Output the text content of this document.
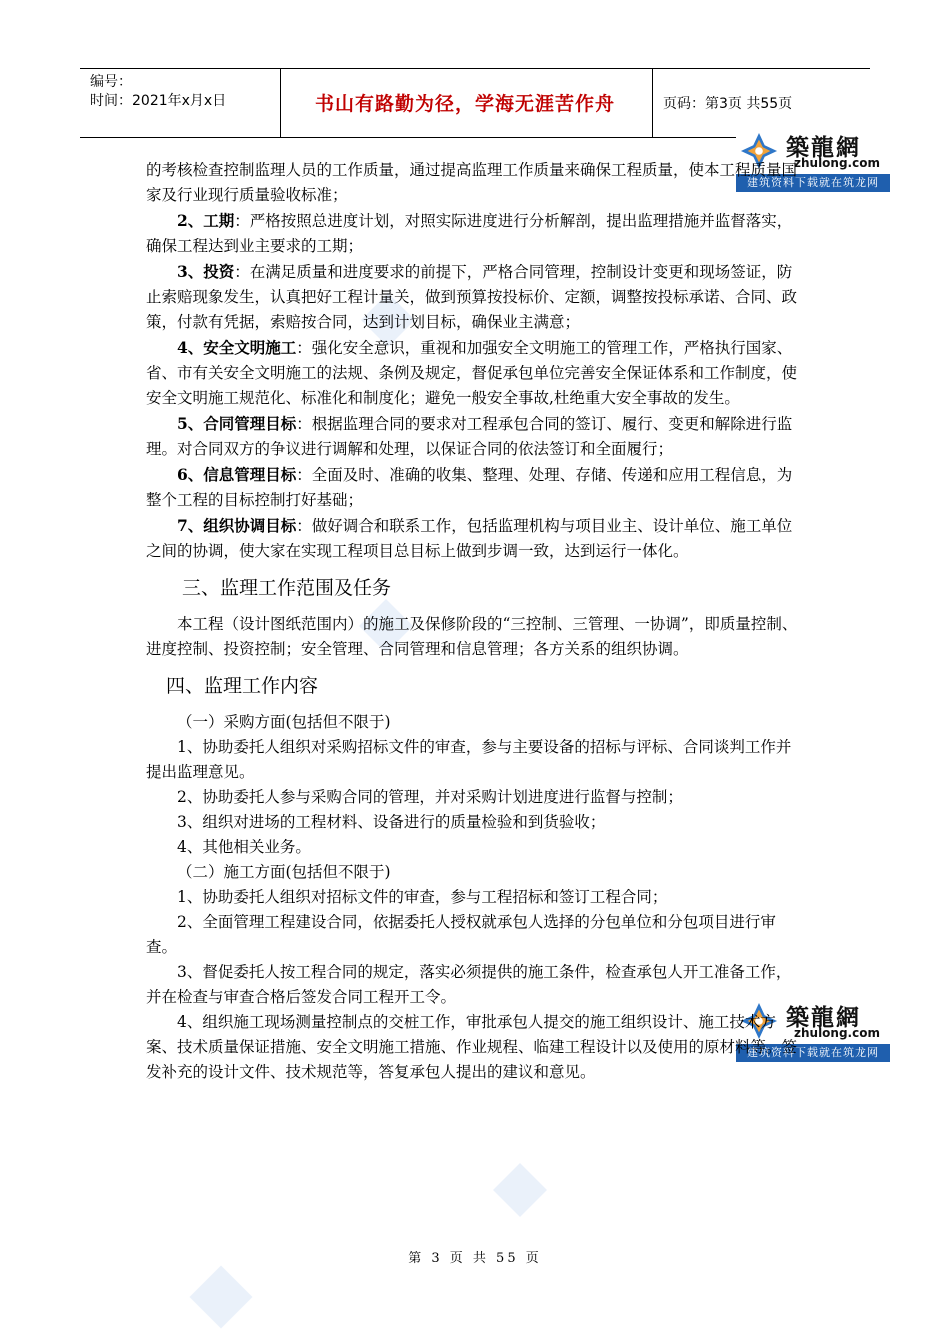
编号：
时间：2021年x月x日	书山有路勤为径，学海无涯苦作舟	页码：第3页 共55页
築龍網
zhulong.com
建筑资料下载就在筑龙网
築龍網
zhulong.com
建筑资料下载就在筑龙网

的考核检查控制监理人员的工作质量，通过提高监理工作质量来确保工程质量，使本工程质量国家及行业现行质量验收标准；

2、工期：严格按照总进度计划，对照实际进度进行分析解剖，提出监理措施并监督落实，确保工程达到业主要求的工期；

3、投资：在满足质量和进度要求的前提下，严格合同管理，控制设计变更和现场签证，防止索赔现象发生，认真把好工程计量关，做到预算按投标价、定额，调整按投标承诺、合同、政策，付款有凭据，索赔按合同，达到计划目标，确保业主满意；

4、安全文明施工：强化安全意识，重视和加强安全文明施工的管理工作，严格执行国家、省、市有关安全文明施工的法规、条例及规定，督促承包单位完善安全保证体系和工作制度，使安全文明施工规范化、标准化和制度化；避免一般安全事故,杜绝重大安全事故的发生。

5、合同管理目标：根据监理合同的要求对工程承包合同的签订、履行、变更和解除进行监理。对合同双方的争议进行调解和处理，以保证合同的依法签订和全面履行；

6、信息管理目标：全面及时、准确的收集、整理、处理、存储、传递和应用工程信息，为整个工程的目标控制打好基础；

7、组织协调目标：做好调合和联系工作，包括监理机构与项目业主、设计单位、施工单位之间的协调，使大家在实现工程项目总目标上做到步调一致，达到运行一体化。

三、监理工作范围及任务

本工程（设计图纸范围内）的施工及保修阶段的“三控制、三管理、一协调”，即质量控制、进度控制、投资控制；安全管理、合同管理和信息管理；各方关系的组织协调。

四、监理工作内容

（一）采购方面(包括但不限于)

1、协助委托人组织对采购招标文件的审查，参与主要设备的招标与评标、合同谈判工作并提出监理意见。

2、协助委托人参与采购合同的管理，并对采购计划进度进行监督与控制；

3、组织对进场的工程材料、设备进行的质量检验和到货验收；

4、其他相关业务。

（二）施工方面(包括但不限于)

1、协助委托人组织对招标文件的审查，参与工程招标和签订工程合同；

2、全面管理工程建设合同，依据委托人授权就承包人选择的分包单位和分包项目进行审查。

3、督促委托人按工程合同的规定，落实必须提供的施工条件，检查承包人开工准备工作，并在检查与审查合格后签发合同工程开工令。

4、组织施工现场测量控制点的交桩工作，审批承包人提交的施工组织设计、施工技术方案、技术质量保证措施、安全文明施工措施、作业规程、临建工程设计以及使用的原材料等。签发补充的设计文件、技术规范等，答复承包人提出的建议和意见。

第 3 页 共 55 页
